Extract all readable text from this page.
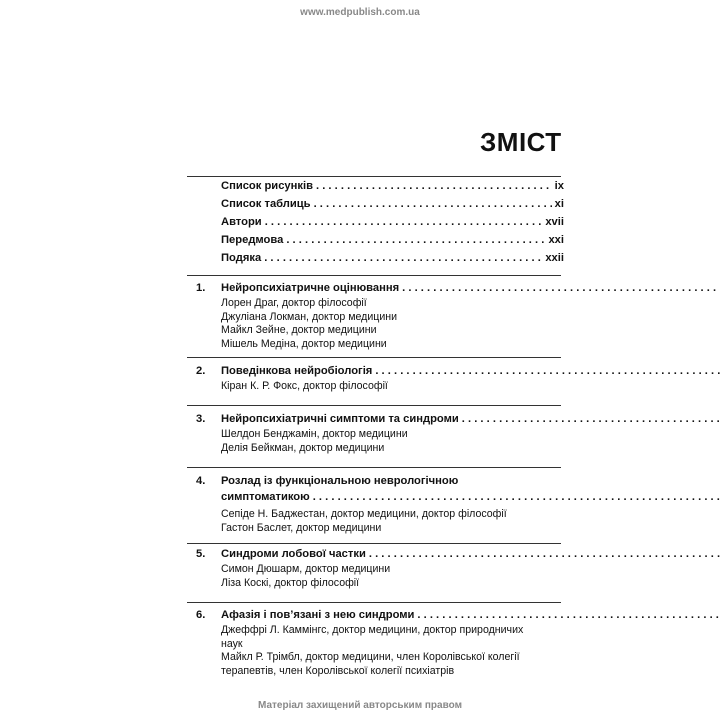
www.medpublish.com.ua
ЗМІСТ
Список рисунків . . .	ix
Список таблиць . . .	xi
Автори . . .	xvii
Передмова . . .	xxi
Подяка . . .	xxii
1.	Нейропсихіатричне оцінювання
. . .
Лорен Драг, доктор філософії
Джуліана Локман, доктор медицини
Майкл Зейне, доктор медицини
Мішель Медіна, доктор медицини
2.	Поведінкова нейробіологія
. . .
Кіран К. Р. Фокс, доктор філософії
3.	Нейропсихіатричні симптоми та синдроми
. . .
Шелдон Бенджамін, доктор медицини
Делія Бейкман, доктор медицини
4.	Розлад із функціональною неврологічною
симптоматикою
. . .
Сепіде Н. Баджестан, доктор медицини, доктор філософії
Гастон Баслет, доктор медицини
5.	Синдроми лобової частки
. . .
Симон Дюшарм, доктор медицини
Ліза Коскі, доктор філософії
6.	Афазія і пов’язані з нею синдроми
. . .
Джеффрі Л. Каммінгс, доктор медицини, доктор природничих наук
Майкл Р. Трімбл, доктор медицини, член Королівської колегії терапевтів, член Королівської колегії психіатрів
Матеріал захищений авторським правом
